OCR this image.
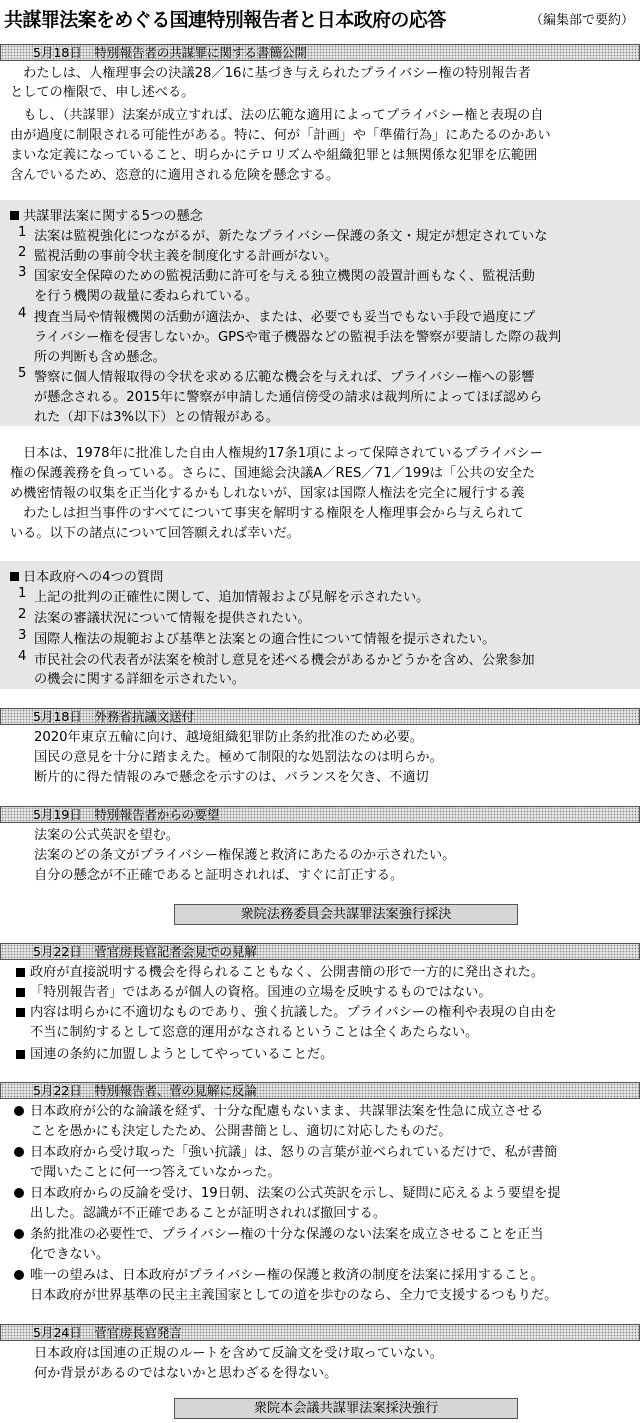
共謀罪法案をめぐる国連特別報告者と日本政府の応答	（編集部で要約）
5月18日　特別報告者の共謀罪に関する書簡公開
　わたしは、人権理事会の決議28／16に基づき与えられたプライバシー権の特別報告者
としての権限で、申し述べる。
　もし、（共謀罪）法案が成立すれば、法の広範な適用によってプライバシー権と表現の自
由が過度に制限される可能性がある。特に、何が「計画」や「準備行為」にあたるのかあい
まいな定義になっていること、明らかにテロリズムや組織犯罪とは無関係な犯罪を広範囲
含んでいるため、恣意的に適用される危険を懸念する。
共謀罪法案に関する5つの懸念
1 法案は監視強化につながるが、新たなプライバシー保護の条文・規定が想定されていな
2 監視活動の事前令状主義を制度化する計画がない。
3 国家安全保障のための監視活動に許可を与える独立機関の設置計画もなく、監視活動
を行う機関の裁量に委ねられている。
4 捜査当局や情報機関の活動が適法か、または、必要でも妥当でもない手段で過度にプ
ライバシー権を侵害しないか。GPSや電子機器などの監視手法を警察が要請した際の裁判
所の判断も含め懸念。
5 警察に個人情報取得の令状を求める広範な機会を与えれば、プライバシー権への影響
が懸念される。2015年に警察が申請した通信傍受の請求は裁判所によってほぼ認めら
れた（却下は3%以下）との情報がある。
　日本は、1978年に批准した自由人権規約17条1項によって保障されているプライバシー
権の保護義務を負っている。さらに、国連総会決議A／RES／71／199は「公共の安全た
め機密情報の収集を正当化するかもしれないが、国家は国際人権法を完全に履行する義
　わたしは担当事件のすべてについて事実を解明する権限を人権理事会から与えられて
いる。以下の諸点について回答願えれば幸いだ。
日本政府への4つの質問
1 上記の批判の正確性に関して、追加情報および見解を示されたい。
2 法案の審議状況について情報を提供されたい。
3 国際人権法の規範および基準と法案との適合性について情報を提示されたい。
4 市民社会の代表者が法案を検討し意見を述べる機会があるかどうかを含め、公衆参加
の機会に関する詳細を示されたい。
5月18日　外務省抗議文送付
2020年東京五輪に向け、越境組織犯罪防止条約批准のため必要。
国民の意見を十分に踏まえた。極めて制限的な処罰法なのは明らか。
断片的に得た情報のみで懸念を示すのは、バランスを欠き、不適切
5月19日　特別報告者からの要望
法案の公式英訳を望む。
法案のどの条文がプライバシー権保護と救済にあたるのか示されたい。
自分の懸念が不正確であると証明されれば、すぐに訂正する。
衆院法務委員会共謀罪法案強行採決
5月22日　菅官房長官記者会見での見解
政府が直接説明する機会を得られることもなく、公開書簡の形で一方的に発出された。
「特別報告者」ではあるが個人の資格。国連の立場を反映するものではない。
内容は明らかに不適切なものであり、強く抗議した。プライバシーの権利や表現の自由を
不当に制約するとして恣意的運用がなされるということは全くあたらない。
国連の条約に加盟しようとしてやっていることだ。
5月22日　特別報告者、菅の見解に反論
日本政府が公的な論議を経ず、十分な配慮もないまま、共謀罪法案を性急に成立させる
ことを愚かにも決定したため、公開書簡とし、適切に対応したものだ。
日本政府から受け取った「強い抗議」は、怒りの言葉が並べられているだけで、私が書簡
で聞いたことに何一つ答えていなかった。
日本政府からの反論を受け、19日朝、法案の公式英訳を示し、疑問に応えるよう要望を提
出した。認識が不正確であることが証明されれば撤回する。
条約批准の必要性で、プライバシー権の十分な保護のない法案を成立させることを正当
化できない。
唯一の望みは、日本政府がプライバシー権の保護と救済の制度を法案に採用すること。
日本政府が世界基準の民主主義国家としての道を歩むのなら、全力で支援するつもりだ。
5月24日　菅官房長官発言
日本政府は国連の正規のルートを含めて反論文を受け取っていない。
何か背景があるのではないかと思わざるを得ない。
衆院本会議共謀罪法案採決強行
